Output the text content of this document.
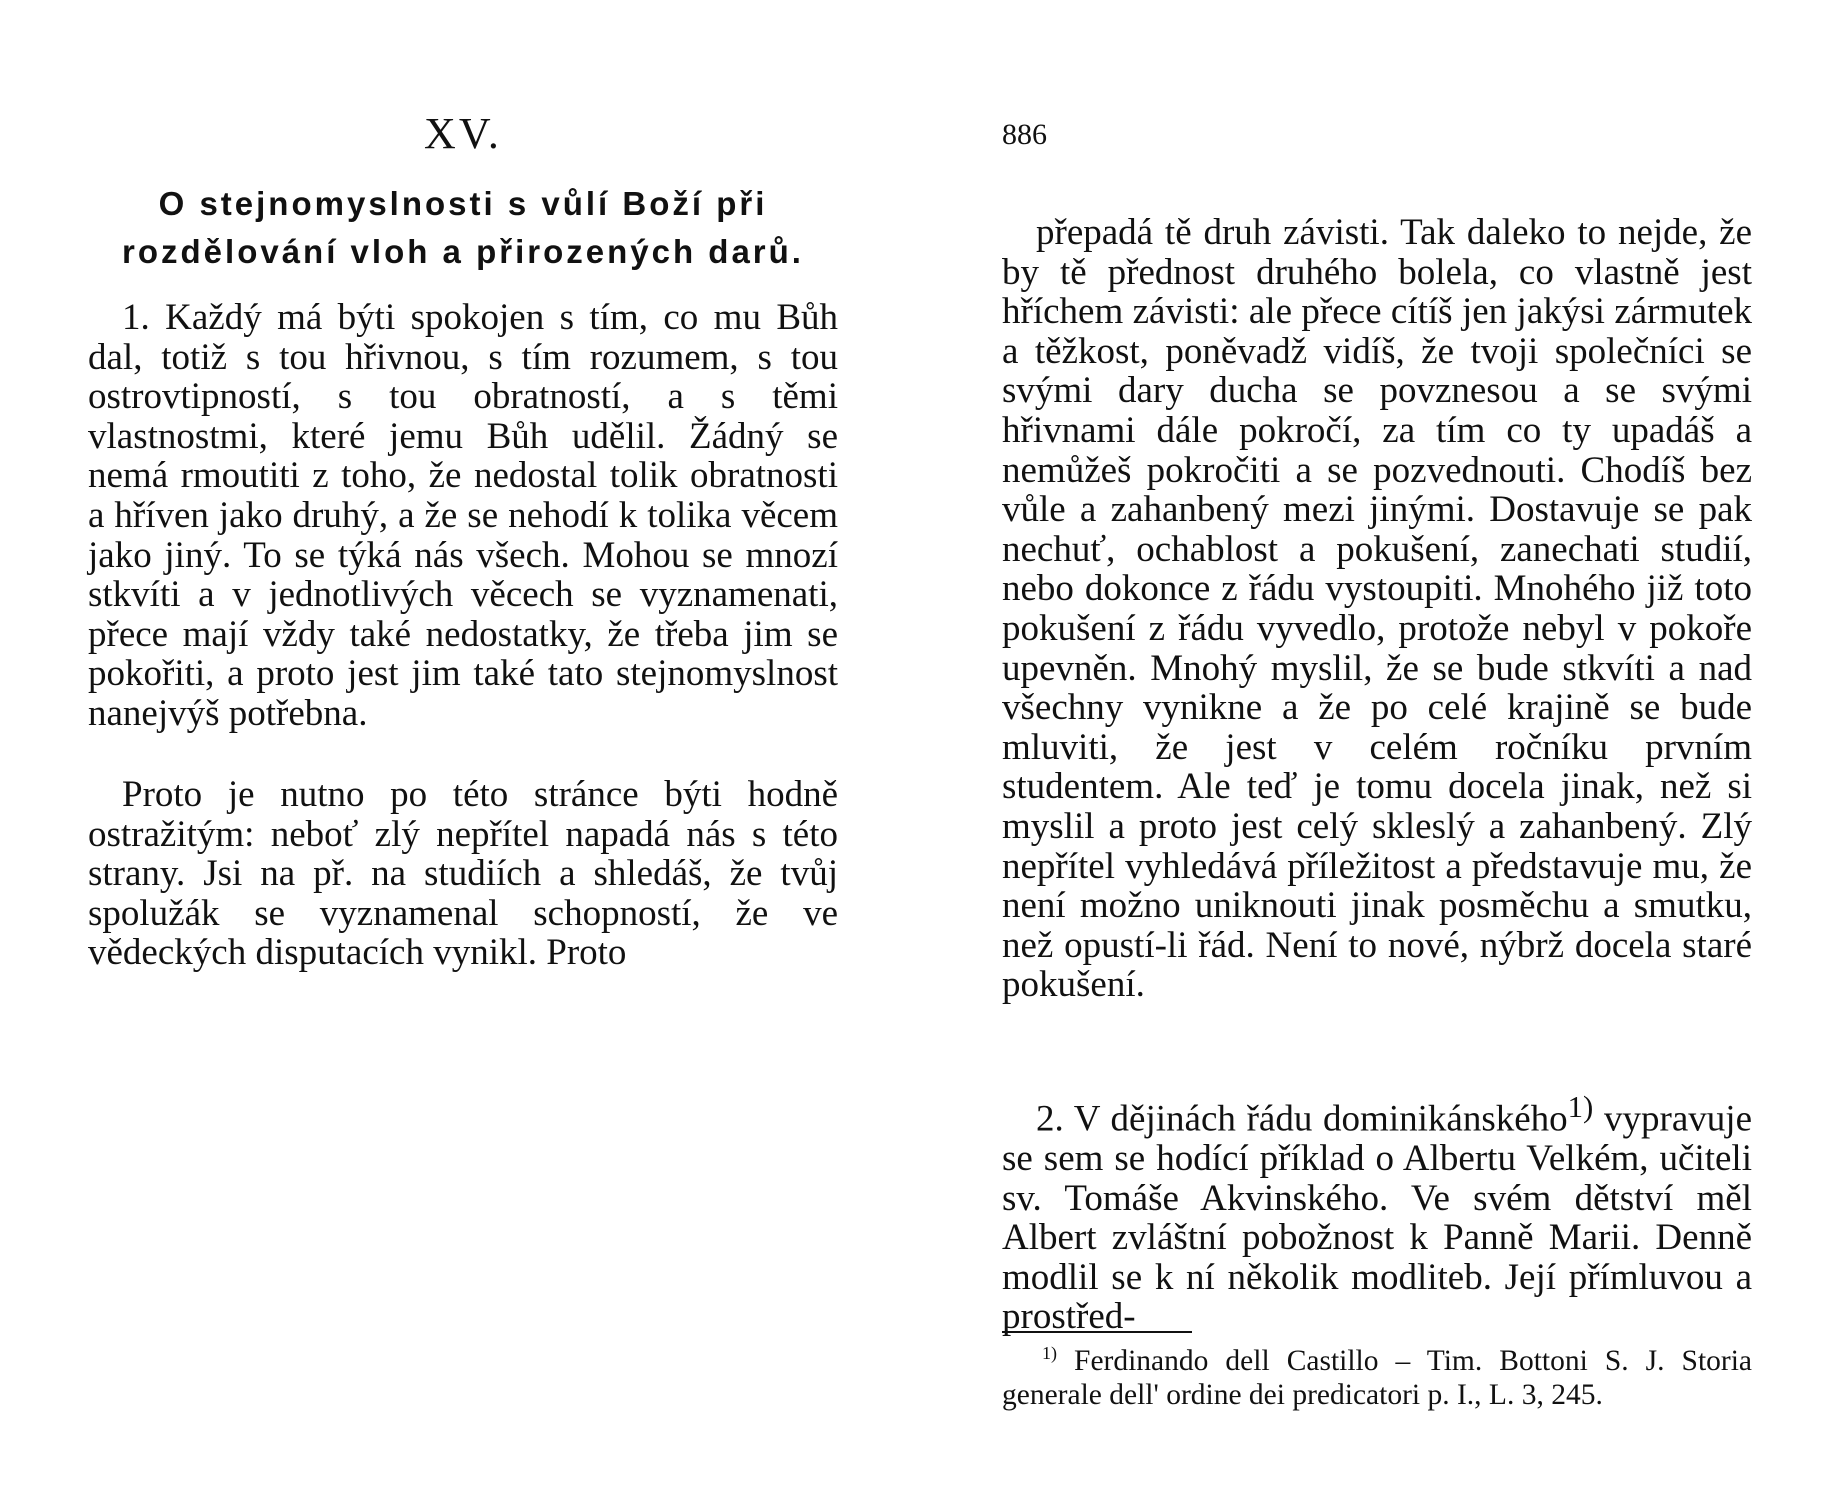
XV.
O stejnomyslnosti s vůlí Boží při rozdělování vloh a přirozených darů.

1. Každý má býti spokojen s tím, co mu Bůh dal, totiž s tou hřivnou, s tím rozumem, s tou ostrovtipností, s tou obratností, a s těmi vlastnostmi, které jemu Bůh udělil. Žádný se nemá rmoutiti z toho, že nedostal tolik obratnosti a hříven jako druhý, a že se nehodí k tolika věcem jako jiný. To se týká nás všech. Mohou se mnozí stkvíti a v jednotlivých věcech se vyznamenati, přece mají vždy také nedostatky, že třeba jim se pokořiti, a proto jest jim také tato stejnomyslnost nanejvýš potřebna.

Proto je nutno po této stránce býti hodně ostražitým: neboť zlý nepřítel napadá nás s této strany. Jsi na př. na studiích a shledáš, že tvůj spolužák se vyznamenal schopností, že ve vědeckých disputacích vynikl. Proto

886

přepadá tě druh závisti. Tak daleko to nejde, že by tě přednost druhého bolela, co vlastně jest hříchem závisti: ale přece cítíš jen jakýsi zármutek a těžkost, poněvadž vidíš, že tvoji společníci se svými dary ducha se povznesou a se svými hřivnami dále pokročí, za tím co ty upadáš a nemůžeš pokročiti a se pozvednouti. Chodíš bez vůle a zahanbený mezi jinými. Dostavuje se pak nechuť, ochablost a pokušení, zanechati studií, nebo dokonce z řádu vystoupiti. Mnohého již toto pokušení z řádu vyvedlo, protože nebyl v pokoře upevněn. Mnohý myslil, že se bude stkvíti a nad všechny vynikne a že po celé krajině se bude mluviti, že jest v celém ročníku prvním studentem. Ale teď je tomu docela jinak, než si myslil a proto jest celý skleslý a zahanbený. Zlý nepřítel vyhledává příležitost a představuje mu, že není možno uniknouti jinak posměchu a smutku, než opustí-li řád. Není to nové, nýbrž docela staré pokušení.

2. V dějinách řádu dominikánského$^{1)}$ vypravuje se sem se hodící příklad o Albertu Velkém, učiteli sv. Tomáše Akvinského. Ve svém dětství měl Albert zvláštní pobožnost k Panně Marii. Denně modlil se k ní několik modliteb. Její přímluvou a prostřed-

$^{1)}$ Ferdinando dell Castillo – Tim. Bottoni S. J. Storia generale dell' ordine dei predicatori p. I., L. 3, 245.
